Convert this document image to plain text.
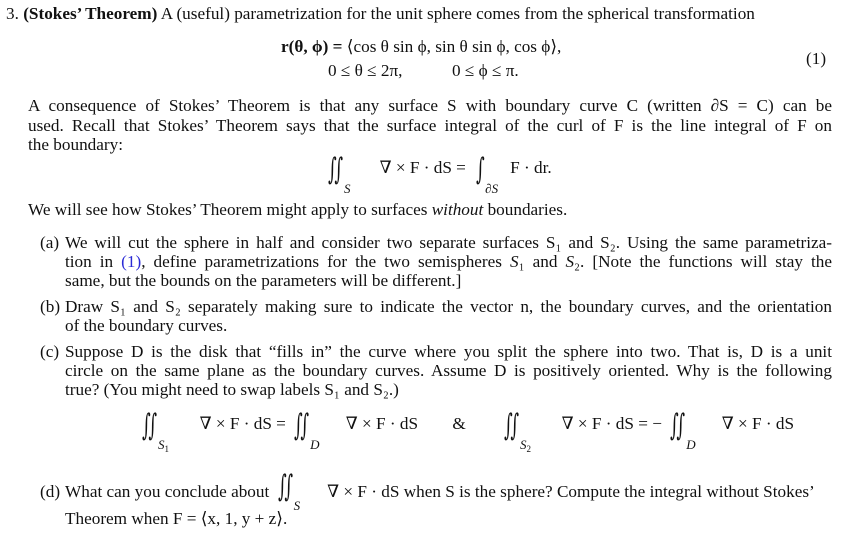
3. (Stokes’ Theorem) A (useful) parametrization for the unit sphere comes from the spherical transformation
r(θ, ϕ) = ⟨cos θ sin ϕ, sin θ sin ϕ, cos ϕ⟩,
0 ≤ θ ≤ 2π,	0 ≤ ϕ ≤ π.
(1)
A consequence of Stokes’ Theorem is that any surface S with boundary curve C (written ∂S = C) can be
used. Recall that Stokes’ Theorem says that the surface integral of the curl of F is the line integral of F on
the boundary:
∫∫
S
∇ × F · dS = ∫
∂S
F · dr.
We will see how Stokes’ Theorem might apply to surfaces without boundaries.
(a) We will cut the sphere in half and consider two separate surfaces S₁ and S₂. Using the same parametriza-
tion in (1), define parametrizations for the two semispheres S₁ and S₂. [Note the functions will stay the
same, but the bounds on the parameters will be different.]
(b) Draw S₁ and S₂ separately making sure to indicate the vector n, the boundary curves, and the orientation
of the boundary curves.
(c) Suppose D is the disk that “fills in” the curve where you split the sphere into two. That is, D is a unit
circle on the same plane as the boundary curves. Assume D is positively oriented. Why is the following
true? (You might need to swap labels S₁ and S₂.)
∫∫
$S_1$
∇ × F · dS = ∫∫
D
∇ × F · dS & ∫∫
$S_2$
∇ × F · dS = − ∫∫
D
∇ × F · dS
(d) What can you conclude about ∫∫
S
∇ × F · dS when S is the sphere? Compute the integral without Stokes’
Theorem when F = ⟨x, 1, y + z⟩.
